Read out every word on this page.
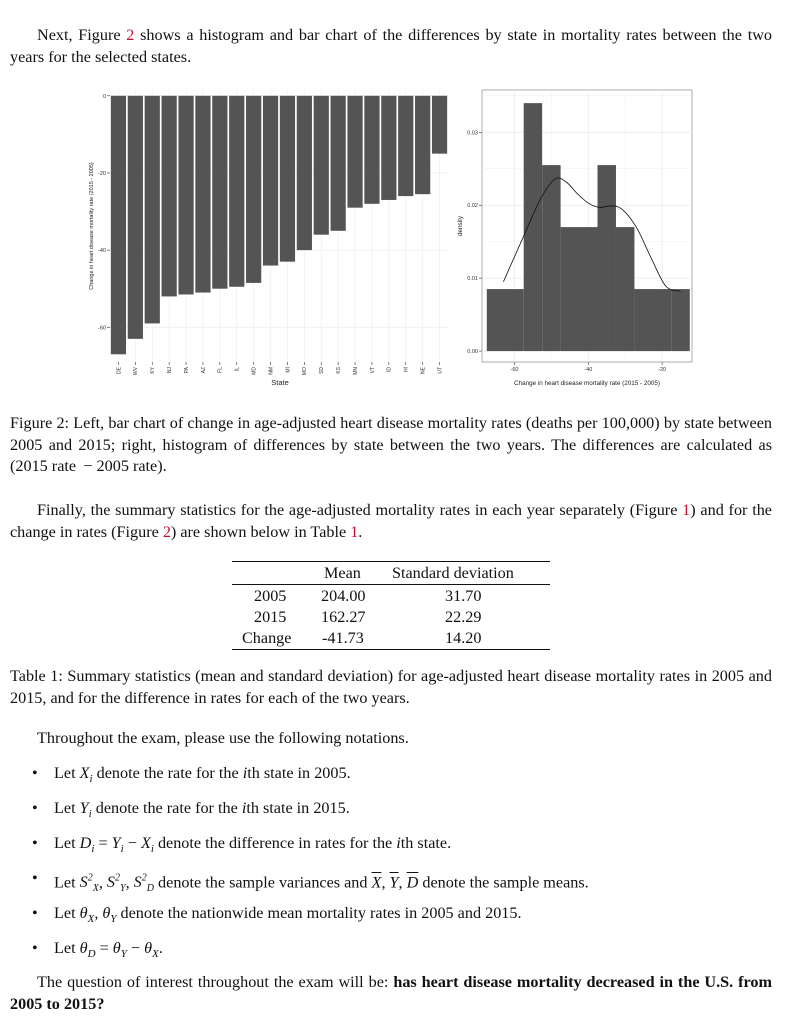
Next, Figure 2 shows a histogram and bar chart of the differences by state in mortality rates between the two years for the selected states.

0
-20
-40
-60
DE WV KY NJ PA AZ FL IL MD NM MI MO SD KS MN VT ID HI NE UT
State
Change in heart disease mortality rate (2015 - 2005)
0.00
0.01
0.02
0.03
-60	-40	-20
Change in heart disease mortality rate (2015 - 2005)
density

Figure 2: Left, bar chart of change in age-adjusted heart disease mortality rates (deaths per 100,000) by state between 2005 and 2015; right, histogram of differences by state between the two years. The differences are calculated as (2015 rate  − 2005 rate).

Finally, the summary statistics for the age-adjusted mortality rates in each year separately (Figure 1) and for the change in rates (Figure 2) are shown below in Table 1.

Mean Standard deviation
2005 204.00	31.70
2015 162.27	22.29
Change -41.73	14.20

Table 1: Summary statistics (mean and standard deviation) for age-adjusted heart disease mortality rates in 2005 and 2015, and for the difference in rates for each of the two years.

Throughout the exam, please use the following notations.

• Let $X_i$ denote the rate for the ith state in 2005.
• Let $Y_i$ denote the rate for the ith state in 2015.
• Let $D_i = Y_i - X_i$ denote the difference in rates for the ith state.
• Let $S^2_X$, $S^2_Y$, $S^2_D$ denote the sample variances and $\overline{X}$, $\overline{Y}$, $\overline{D}$ denote the sample means.
• Let $\theta_X$, $\theta_Y$ denote the nationwide mean mortality rates in 2005 and 2015.
• Let $\theta_D = \theta_Y - \theta_X$.

The question of interest throughout the exam will be: has heart disease mortality decreased in the U.S. from 2005 to 2015?
